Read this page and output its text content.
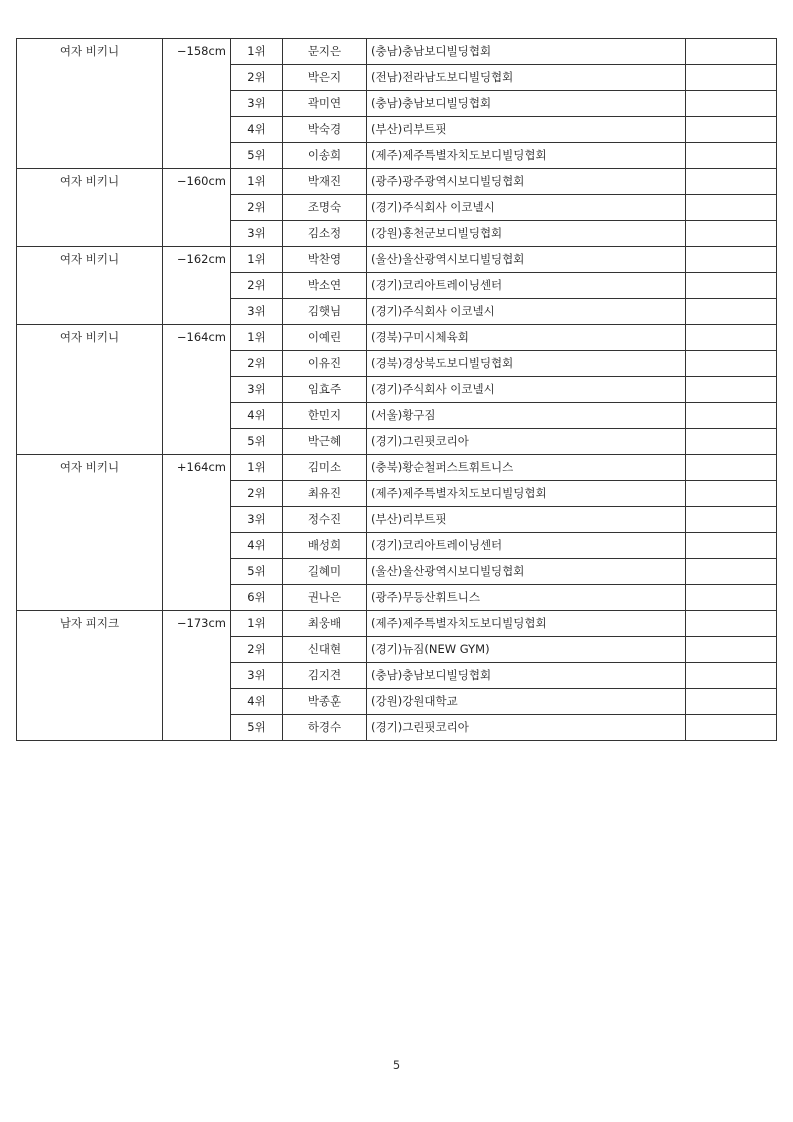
여자 비키니	−158cm	1위	문지은	(충남)충남보디빌딩협회	
		2위	박은지	(전남)전라남도보디빌딩협회	
		3위	곽미연	(충남)충남보디빌딩협회	
		4위	박숙경	(부산)리부트핏	
		5위	이송희	(제주)제주특별자치도보디빌딩협회	
여자 비키니	−160cm	1위	박재진	(광주)광주광역시보디빌딩협회	
		2위	조명숙	(경기)주식회사 이코넬시	
		3위	김소정	(강원)홍천군보디빌딩협회	
여자 비키니	−162cm	1위	박찬영	(울산)울산광역시보디빌딩협회	
		2위	박소연	(경기)코리아트레이닝센터	
		3위	김햇님	(경기)주식회사 이코넬시	
여자 비키니	−164cm	1위	이예린	(경북)구미시체육회	
		2위	이유진	(경북)경상북도보디빌딩협회	
		3위	임효주	(경기)주식회사 이코넬시	
		4위	한민지	(서울)황구짐	
		5위	박근혜	(경기)그린핏코리아	
여자 비키니	+164cm	1위	김미소	(충북)황순철퍼스트휘트니스	
		2위	최유진	(제주)제주특별자치도보디빌딩협회	
		3위	정수진	(부산)리부트핏	
		4위	배성희	(경기)코리아트레이닝센터	
		5위	길혜미	(울산)울산광역시보디빌딩협회	
		6위	권나은	(광주)무등산휘트니스	
남자 피지크	−173cm	1위	최웅배	(제주)제주특별자치도보디빌딩협회	
		2위	신대현	(경기)뉴짐(NEW GYM)	
		3위	김지견	(충남)충남보디빌딩협회	
		4위	박종훈	(강원)강원대학교	
		5위	하경수	(경기)그린핏코리아	
5
